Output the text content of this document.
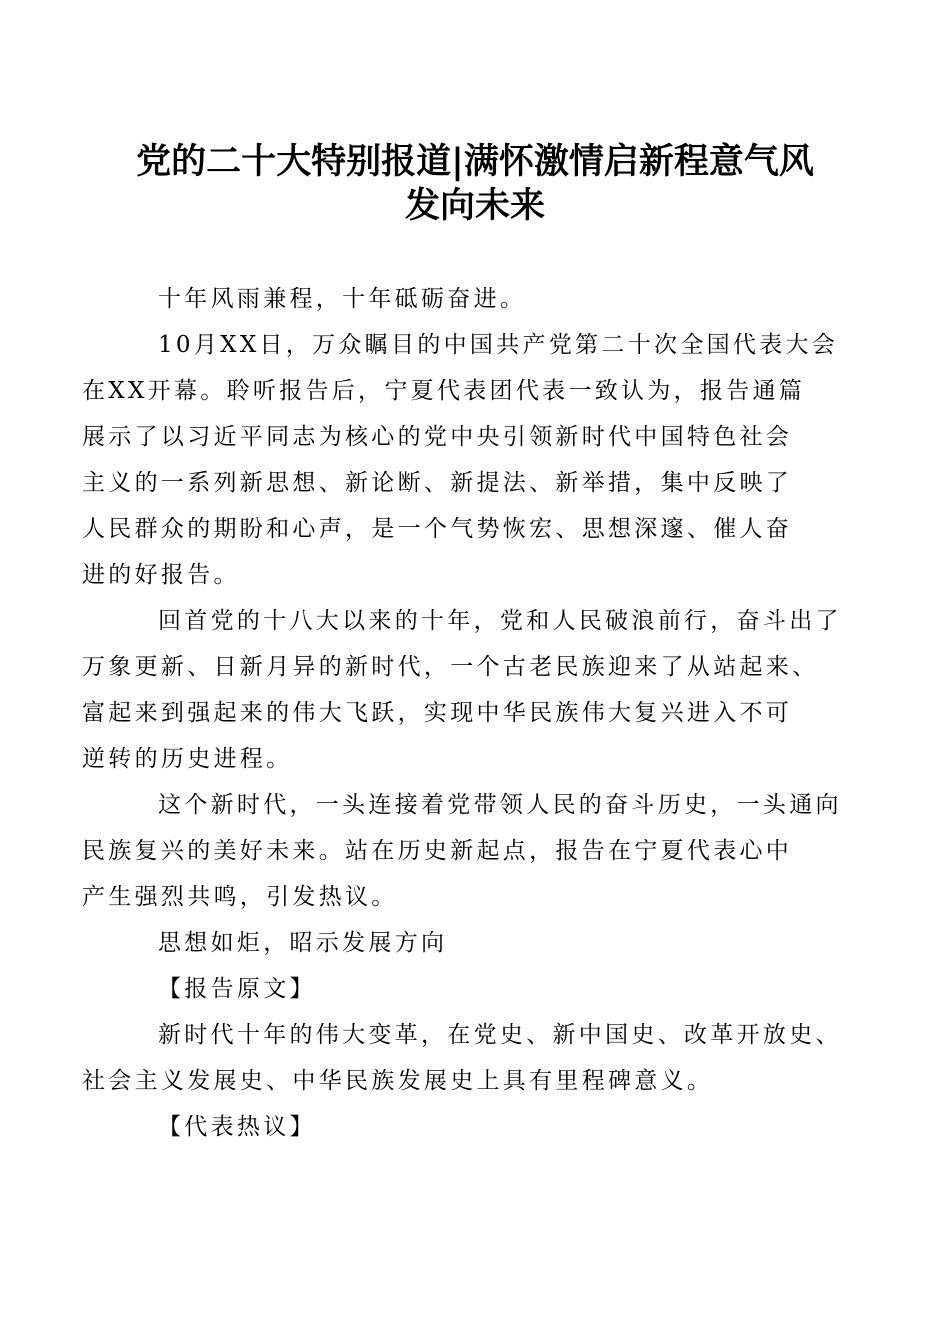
党的二十大特别报道|满怀激情启新程意气风
发向未来

十年风雨兼程，十年砥砺奋进。

10月XX日，万众瞩目的中国共产党第二十次全国代表大会
在XX开幕。聆听报告后，宁夏代表团代表一致认为，报告通篇
展示了以习近平同志为核心的党中央引领新时代中国特色社会
主义的一系列新思想、新论断、新提法、新举措，集中反映了
人民群众的期盼和心声，是一个气势恢宏、思想深邃、催人奋
进的好报告。

回首党的十八大以来的十年，党和人民破浪前行，奋斗出了
万象更新、日新月异的新时代，一个古老民族迎来了从站起来、
富起来到强起来的伟大飞跃，实现中华民族伟大复兴进入不可
逆转的历史进程。

这个新时代，一头连接着党带领人民的奋斗历史，一头通向
民族复兴的美好未来。站在历史新起点，报告在宁夏代表心中
产生强烈共鸣，引发热议。

思想如炬，昭示发展方向

【报告原文】

新时代十年的伟大变革，在党史、新中国史、改革开放史、
社会主义发展史、中华民族发展史上具有里程碑意义。

【代表热议】
